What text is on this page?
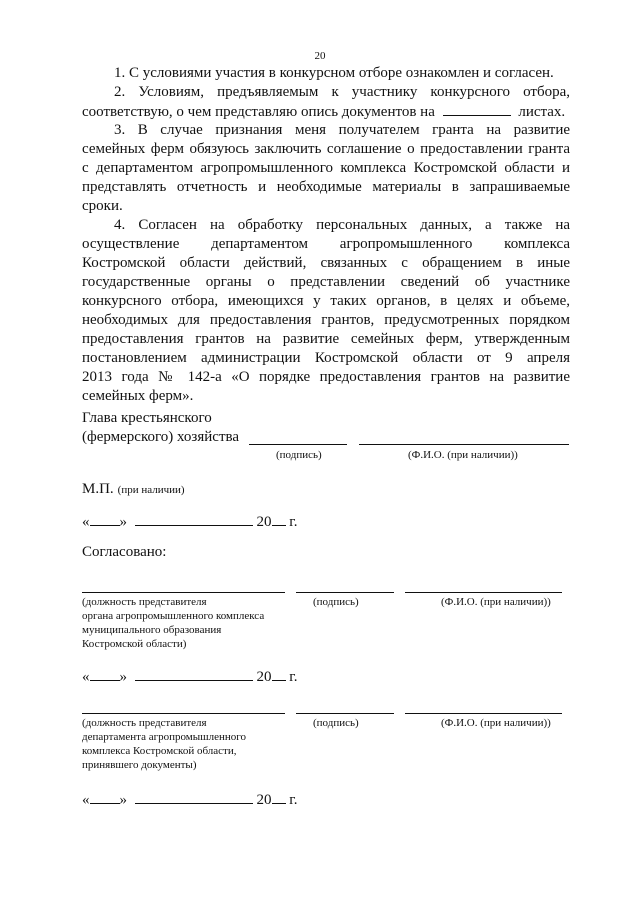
20
1. С условиями участия в конкурсном отборе ознакомлен и согласен.
2. Условиям, предъявляемым к участнику конкурсного отбора,
соответствую, о чем представляю опись документов на	листах.
3. В случае признания меня получателем гранта на развитие
семейных ферм обязуюсь заключить соглашение о предоставлении гранта
с департаментом агропромышленного комплекса Костромской области и
представлять отчетность и необходимые материалы в запрашиваемые
сроки.
4. Согласен на обработку персональных данных, а также на
осуществление департаментом агропромышленного комплекса
Костромской области действий, связанных с обращением в иные
государственные органы о представлении сведений об участнике
конкурсного отбора, имеющихся у таких органов, в целях и объеме,
необходимых для предоставления грантов, предусмотренных порядком
предоставления грантов на развитие семейных ферм, утвержденным
постановлением администрации Костромской области от 9 апреля
2013 года № 142-а «О порядке предоставления грантов на развитие
семейных ферм».
Глава крестьянского
(фермерского) хозяйства
(подпись)	(Ф.И.О. (при наличии))
М.П. (при наличии)
« »	20 г.
Согласовано:
(должность представителя
органа агропромышленного комплекса
муниципального образования
Костромской области)
(подпись)	(Ф.И.О. (при наличии))
« »	20 г.
(должность представителя
департамента агропромышленного
комплекса Костромской области,
принявшего документы)
(подпись)	(Ф.И.О. (при наличии))
« »	20 г.
